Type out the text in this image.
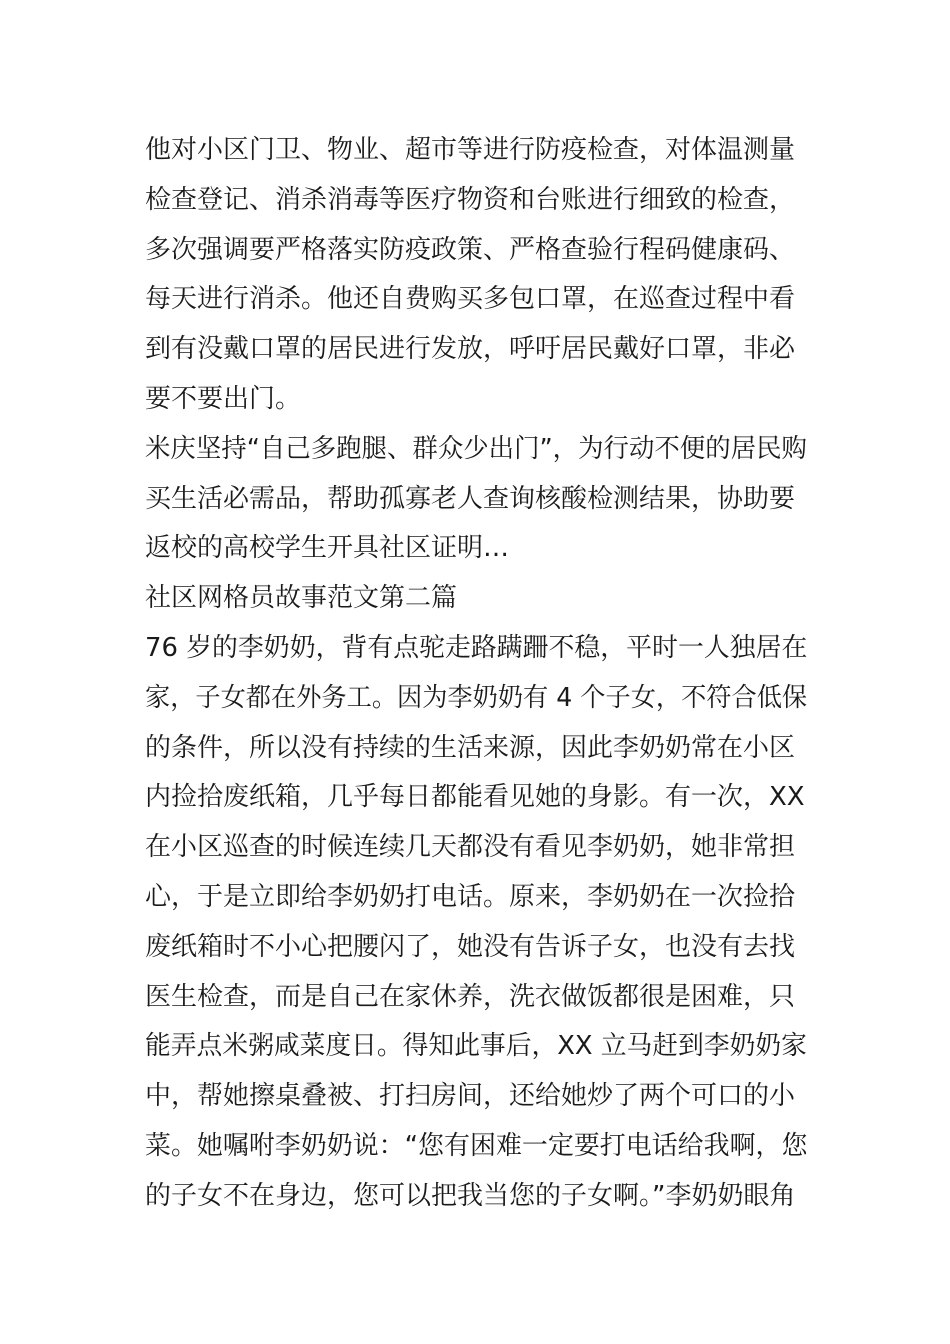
他对小区门卫、物业、超市等进行防疫检查，对体温测量
检查登记、消杀消毒等医疗物资和台账进行细致的检查，
多次强调要严格落实防疫政策、严格查验行程码健康码、
每天进行消杀。他还自费购买多包口罩，在巡查过程中看
到有没戴口罩的居民进行发放，呼吁居民戴好口罩，非必
要不要出门。
米庆坚持“自己多跑腿、群众少出门”，为行动不便的居民购
买生活必需品，帮助孤寡老人查询核酸检测结果，协助要
返校的高校学生开具社区证明…
社区网格员故事范文第二篇
76 岁的李奶奶，背有点驼走路蹒跚不稳，平时一人独居在
家，子女都在外务工。因为李奶奶有 4 个子女，不符合低保
的条件，所以没有持续的生活来源，因此李奶奶常在小区
内捡拾废纸箱，几乎每日都能看见她的身影。有一次，XX
在小区巡查的时候连续几天都没有看见李奶奶，她非常担
心，于是立即给李奶奶打电话。原来，李奶奶在一次捡拾
废纸箱时不小心把腰闪了，她没有告诉子女，也没有去找
医生检查，而是自己在家休养，洗衣做饭都很是困难，只
能弄点米粥咸菜度日。得知此事后，XX 立马赶到李奶奶家
中，帮她擦桌叠被、打扫房间，还给她炒了两个可口的小
菜。她嘱咐李奶奶说：“您有困难一定要打电话给我啊，您
的子女不在身边，您可以把我当您的子女啊。”李奶奶眼角
